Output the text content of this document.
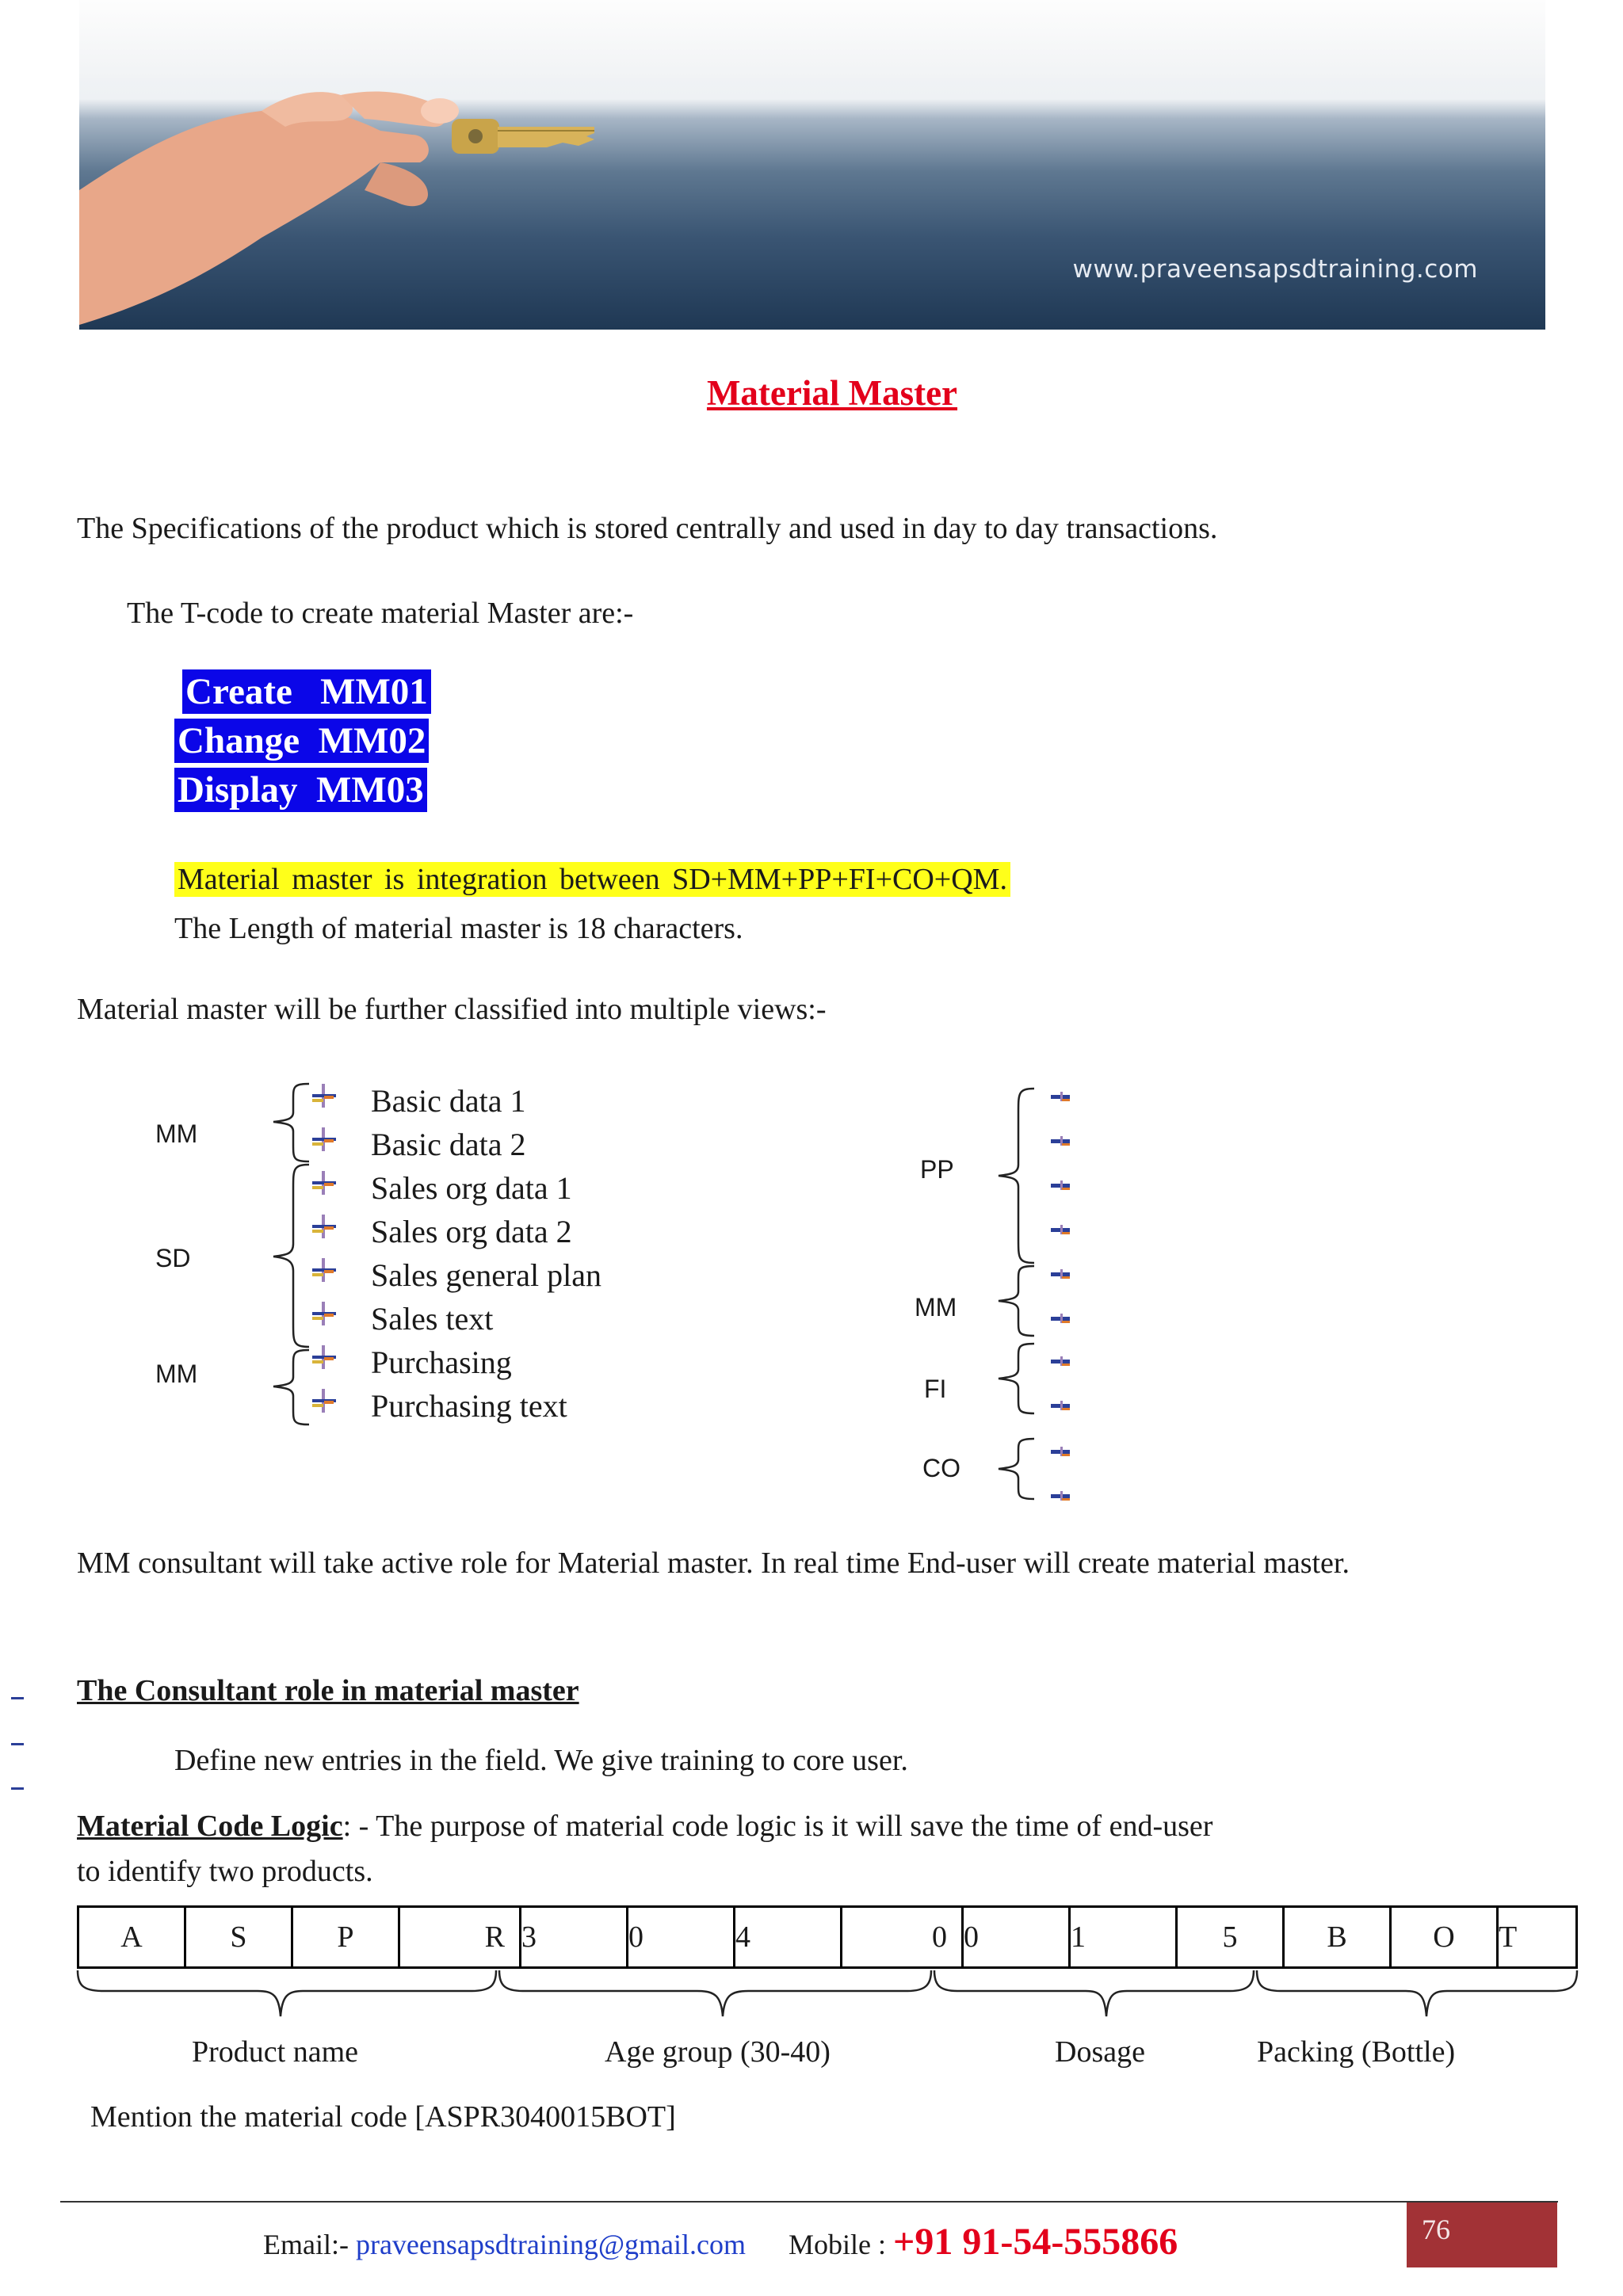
www.praveensapsdtraining.com
Material Master
The Specifications of the product which is stored centrally and used in day to day transactions.
The T-code to create material Master are:-
Create MM01
Change MM02
Display MM03
Material master is integration between SD+MM+PP+FI+CO+QM.
The Length of material master is 18 characters.
Material master will be further classified into multiple views:-
MM
SD
MM
Basic data 1
Basic data 2
Sales org data 1
Sales org data 2
Sales general plan
Sales text
Purchasing
Purchasing text
PP
MM
FI
CO
MM consultant will take active role for Material master. In real time End-user will create material master.
The Consultant role in material master
Define new entries in the field. We give training to core user.
Material Code Logic: - The purpose of material code logic is it will save the time of end-user
to identify two products.
A	S	P	R	3	0	4	0	0	1	5	B	O	T
Product name	Age group (30-40)	Dosage	Packing (Bottle)
Mention the material code [ASPR3040015BOT]
Email:- praveensapsdtraining@gmail.com Mobile : +91 91-54-555866	76
